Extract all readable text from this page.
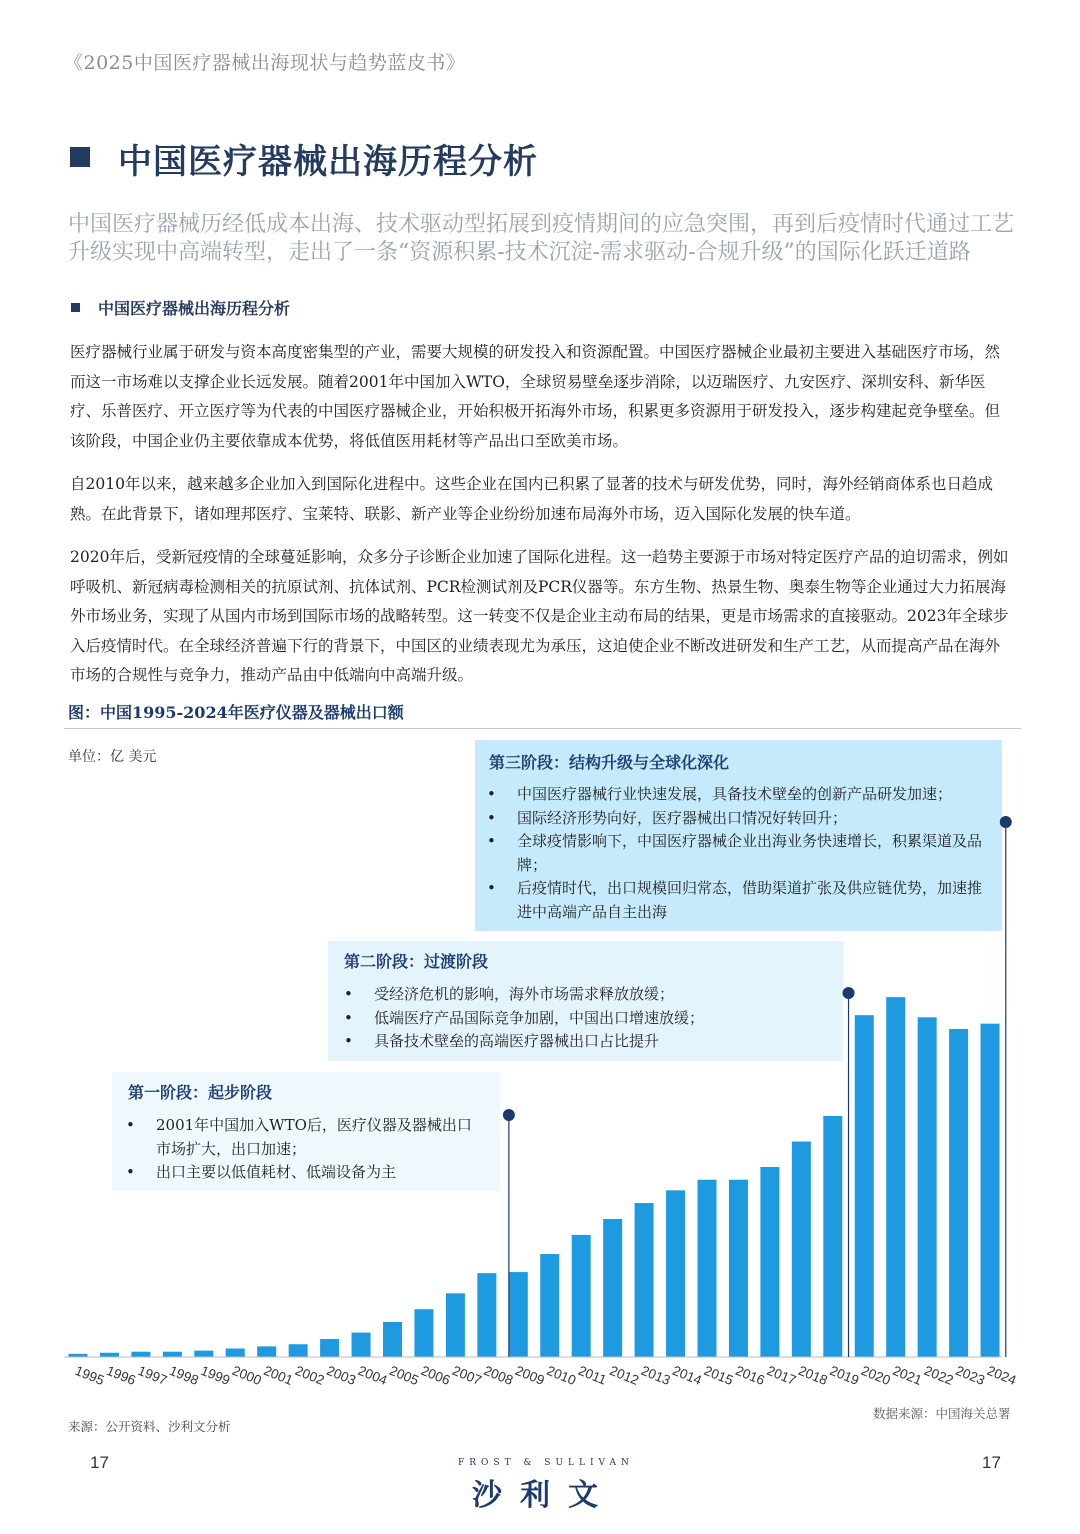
《2025中国医疗器械出海现状与趋势蓝皮书》
中国医疗器械出海历程分析
中国医疗器械历经低成本出海、技术驱动型拓展到疫情期间的应急突围，再到后疫情时代通过工艺升级实现中高端转型，走出了一条“资源积累-技术沉淀-需求驱动-合规升级”的国际化跃迁道路
中国医疗器械出海历程分析
医疗器械行业属于研发与资本高度密集型的产业，需要大规模的研发投入和资源配置。中国医疗器械企业最初主要进入基础医疗市场，然而这一市场难以支撑企业长远发展。随着2001年中国加入WTO，全球贸易壁垒逐步消除，以迈瑞医疗、九安医疗、深圳安科、新华医疗、乐普医疗、开立医疗等为代表的中国医疗器械企业，开始积极开拓海外市场，积累更多资源用于研发投入，逐步构建起竞争壁垒。但该阶段，中国企业仍主要依靠成本优势，将低值医用耗材等产品出口至欧美市场。
自2010年以来，越来越多企业加入到国际化进程中。这些企业在国内已积累了显著的技术与研发优势，同时，海外经销商体系也日趋成熟。在此背景下，诸如理邦医疗、宝莱特、联影、新产业等企业纷纷加速布局海外市场，迈入国际化发展的快车道。
2020年后，受新冠疫情的全球蔓延影响，众多分子诊断企业加速了国际化进程。这一趋势主要源于市场对特定医疗产品的迫切需求，例如呼吸机、新冠病毒检测相关的抗原试剂、抗体试剂、PCR检测试剂及PCR仪器等。东方生物、热景生物、奥泰生物等企业通过大力拓展海外市场业务，实现了从国内市场到国际市场的战略转型。这一转变不仅是企业主动布局的结果，更是市场需求的直接驱动。2023年全球步入后疫情时代。在全球经济普遍下行的背景下，中国区的业绩表现尤为承压，这迫使企业不断改进研发和生产工艺，从而提高产品在海外市场的合规性与竞争力，推动产品由中低端向中高端升级。
图：中国1995-2024年医疗仪器及器械出口额
单位：亿 美元	第三阶段：结构升级与全球化深化
• 中国医疗器械行业快速发展，具备技术壁垒的创新产品研发加速；
• 国际经济形势向好，医疗器械出口情况好转回升；
• 全球疫情影响下，中国医疗器械企业出海业务快速增长，积累渠道及品牌；
• 后疫情时代，出口规模回归常态，借助渠道扩张及供应链优势，加速推进中高端产品自主出海
第二阶段：过渡阶段
• 受经济危机的影响，海外市场需求释放放缓；
• 低端医疗产品国际竞争加剧，中国出口增速放缓；
• 具备技术壁垒的高端医疗器械出口占比提升
第一阶段：起步阶段
• 2001年中国加入WTO后，医疗仪器及器械出口市场扩大，出口加速；
• 出口主要以低值耗材、低端设备为主
1995
1996
1997
1998
1999
2000
2001
2002
2003
2004
2005
2006
2007
2008
2009
2010
2011
2012
2013
2014
2015
2016
2017
2018
2019
2020
2021
2022
2023
2024
来源：公开资料、沙利文分析
数据来源：中国海关总署
17	17
FROST & SULLIVAN
沙利文
